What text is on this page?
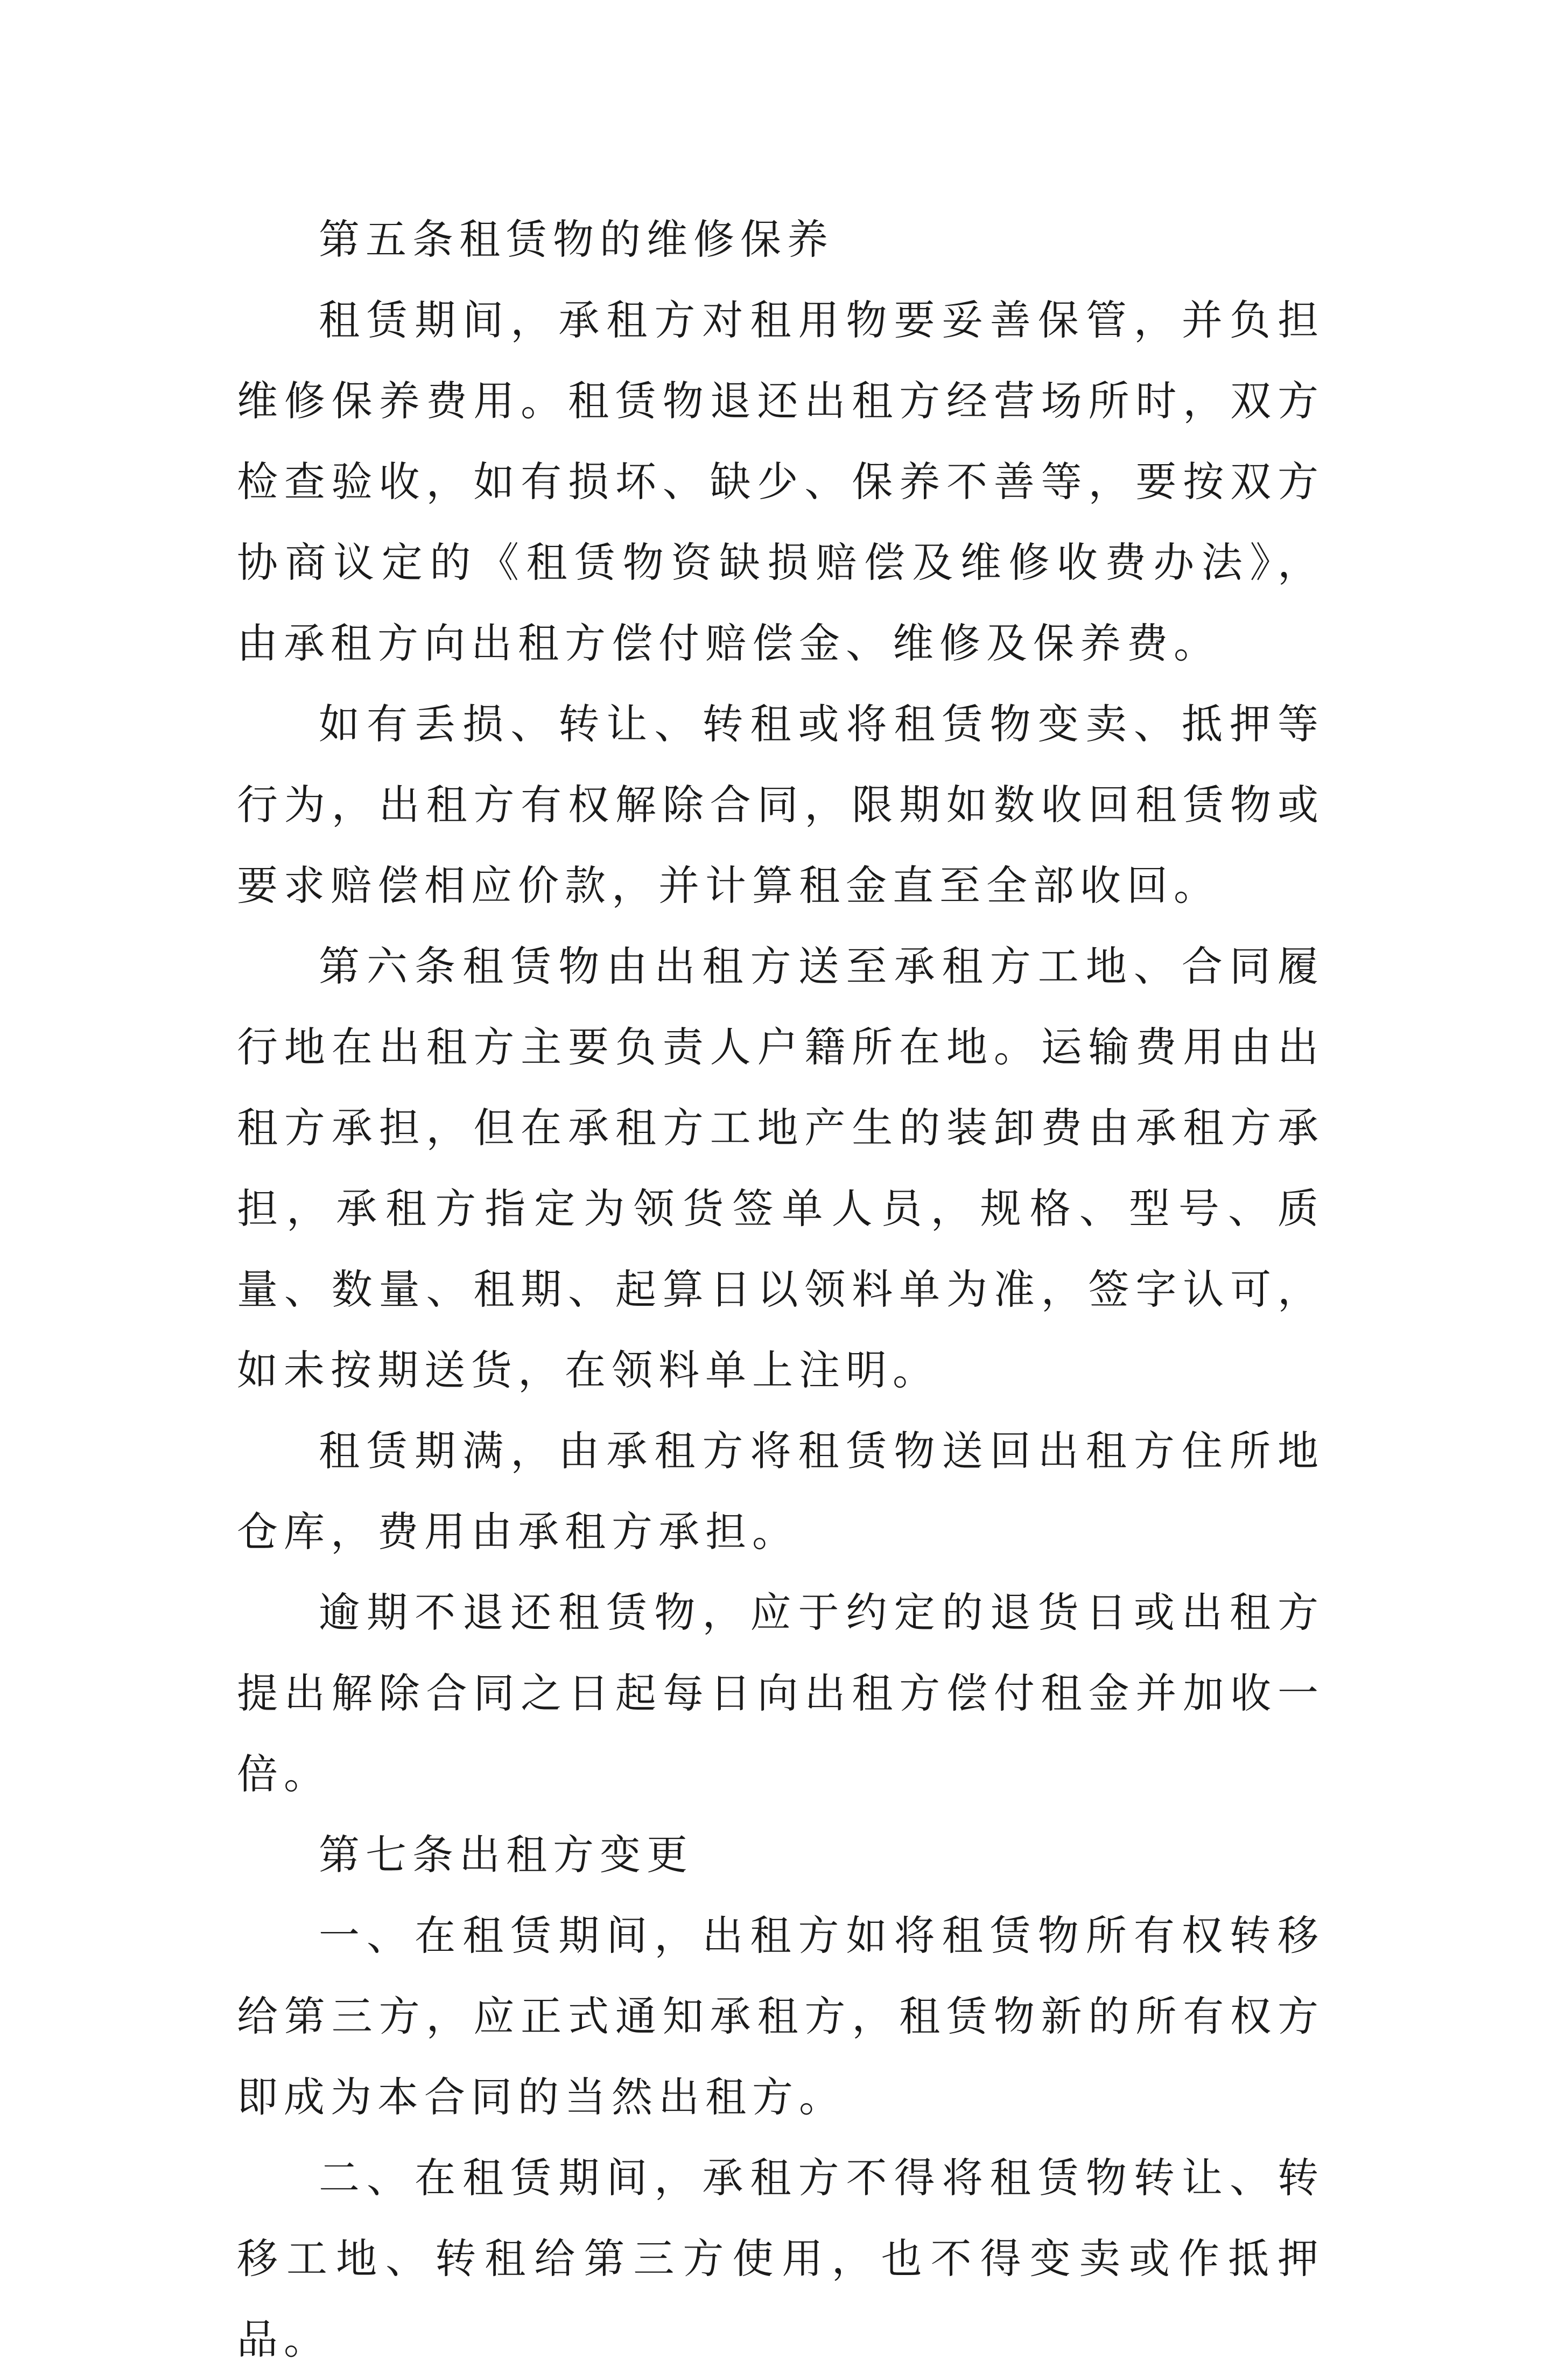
第五条租赁物的维修保养

租赁期间，承租方对租用物要妥善保管，并负担维修保养费用。租赁物退还出租方经营场所时，双方检查验收，如有损坏、缺少、保养不善等，要按双方协商议定的《租赁物资缺损赔偿及维修收费办法》，由承租方向出租方偿付赔偿金、维修及保养费。

如有丢损、转让、转租或将租赁物变卖、抵押等行为，出租方有权解除合同，限期如数收回租赁物或要求赔偿相应价款，并计算租金直至全部收回。

第六条租赁物由出租方送至承租方工地、合同履行地在出租方主要负责人户籍所在地。运输费用由出租方承担，但在承租方工地产生的装卸费由承租方承担，承租方指定为领货签单人员，规格、型号、质量、数量、租期、起算日以领料单为准，签字认可，如未按期送货，在领料单上注明。

租赁期满，由承租方将租赁物送回出租方住所地仓库，费用由承租方承担。

逾期不退还租赁物，应于约定的退货日或出租方提出解除合同之日起每日向出租方偿付租金并加收一倍。

第七条出租方变更

一、在租赁期间，出租方如将租赁物所有权转移给第三方，应正式通知承租方，租赁物新的所有权方即成为本合同的当然出租方。

二、在租赁期间，承租方不得将租赁物转让、转移工地、转租给第三方使用，也不得变卖或作抵押品。
